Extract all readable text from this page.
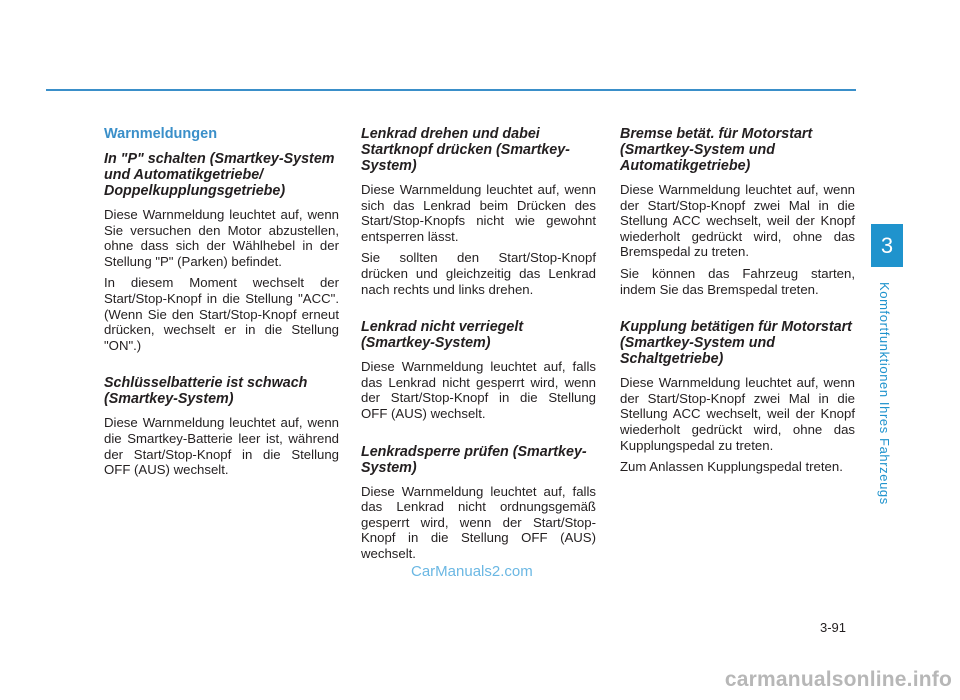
3
Komfortfunktionen Ihres Fahrzeugs
Warnmeldungen
In "P" schalten (Smartkey-System und Automatikgetriebe/ Doppelkupplungsgetriebe)

Diese Warnmeldung leuchtet auf, wenn Sie versuchen den Motor abzustellen, ohne dass sich der Wählhebel in der Stellung "P" (Parken) befindet.

In diesem Moment wechselt der Start/Stop-Knopf in die Stellung "ACC". (Wenn Sie den Start/Stop-Knopf erneut drücken, wechselt er in die Stellung "ON".)

Schlüsselbatterie ist schwach (Smartkey-System)

Diese Warnmeldung leuchtet auf, wenn die Smartkey-Batterie leer ist, während der Start/Stop-Knopf in die Stellung OFF (AUS) wechselt.

Lenkrad drehen und dabei Startknopf drücken (Smartkey-System)

Diese Warnmeldung leuchtet auf, wenn sich das Lenkrad beim Drücken des Start/Stop-Knopfs nicht wie gewohnt entsperren lässt.

Sie sollten den Start/Stop-Knopf drücken und gleichzeitig das Lenkrad nach rechts und links drehen.

Lenkrad nicht verriegelt (Smartkey-System)

Diese Warnmeldung leuchtet auf, falls das Lenkrad nicht gesperrt wird, wenn der Start/Stop-Knopf in die Stellung OFF (AUS) wechselt.

Lenkradsperre prüfen (Smartkey-System)

Diese Warnmeldung leuchtet auf, falls das Lenkrad nicht ordnungsgemäß gesperrt wird, wenn der Start/Stop-Knopf in die Stellung OFF (AUS) wechselt.

Bremse betät. für Motorstart (Smartkey-System und Automatikgetriebe)

Diese Warnmeldung leuchtet auf, wenn der Start/Stop-Knopf zwei Mal in die Stellung ACC wechselt, weil der Knopf wiederholt gedrückt wird, ohne das Bremspedal zu treten.

Sie können das Fahrzeug starten, indem Sie das Bremspedal treten.

Kupplung betätigen für Motorstart (Smartkey-System und Schaltgetriebe)

Diese Warnmeldung leuchtet auf, wenn der Start/Stop-Knopf zwei Mal in die Stellung ACC wechselt, weil der Knopf wiederholt gedrückt wird, ohne das Kupplungspedal zu treten.

Zum Anlassen Kupplungspedal treten.

CarManuals2.com
3-91
carmanualsonline.info
